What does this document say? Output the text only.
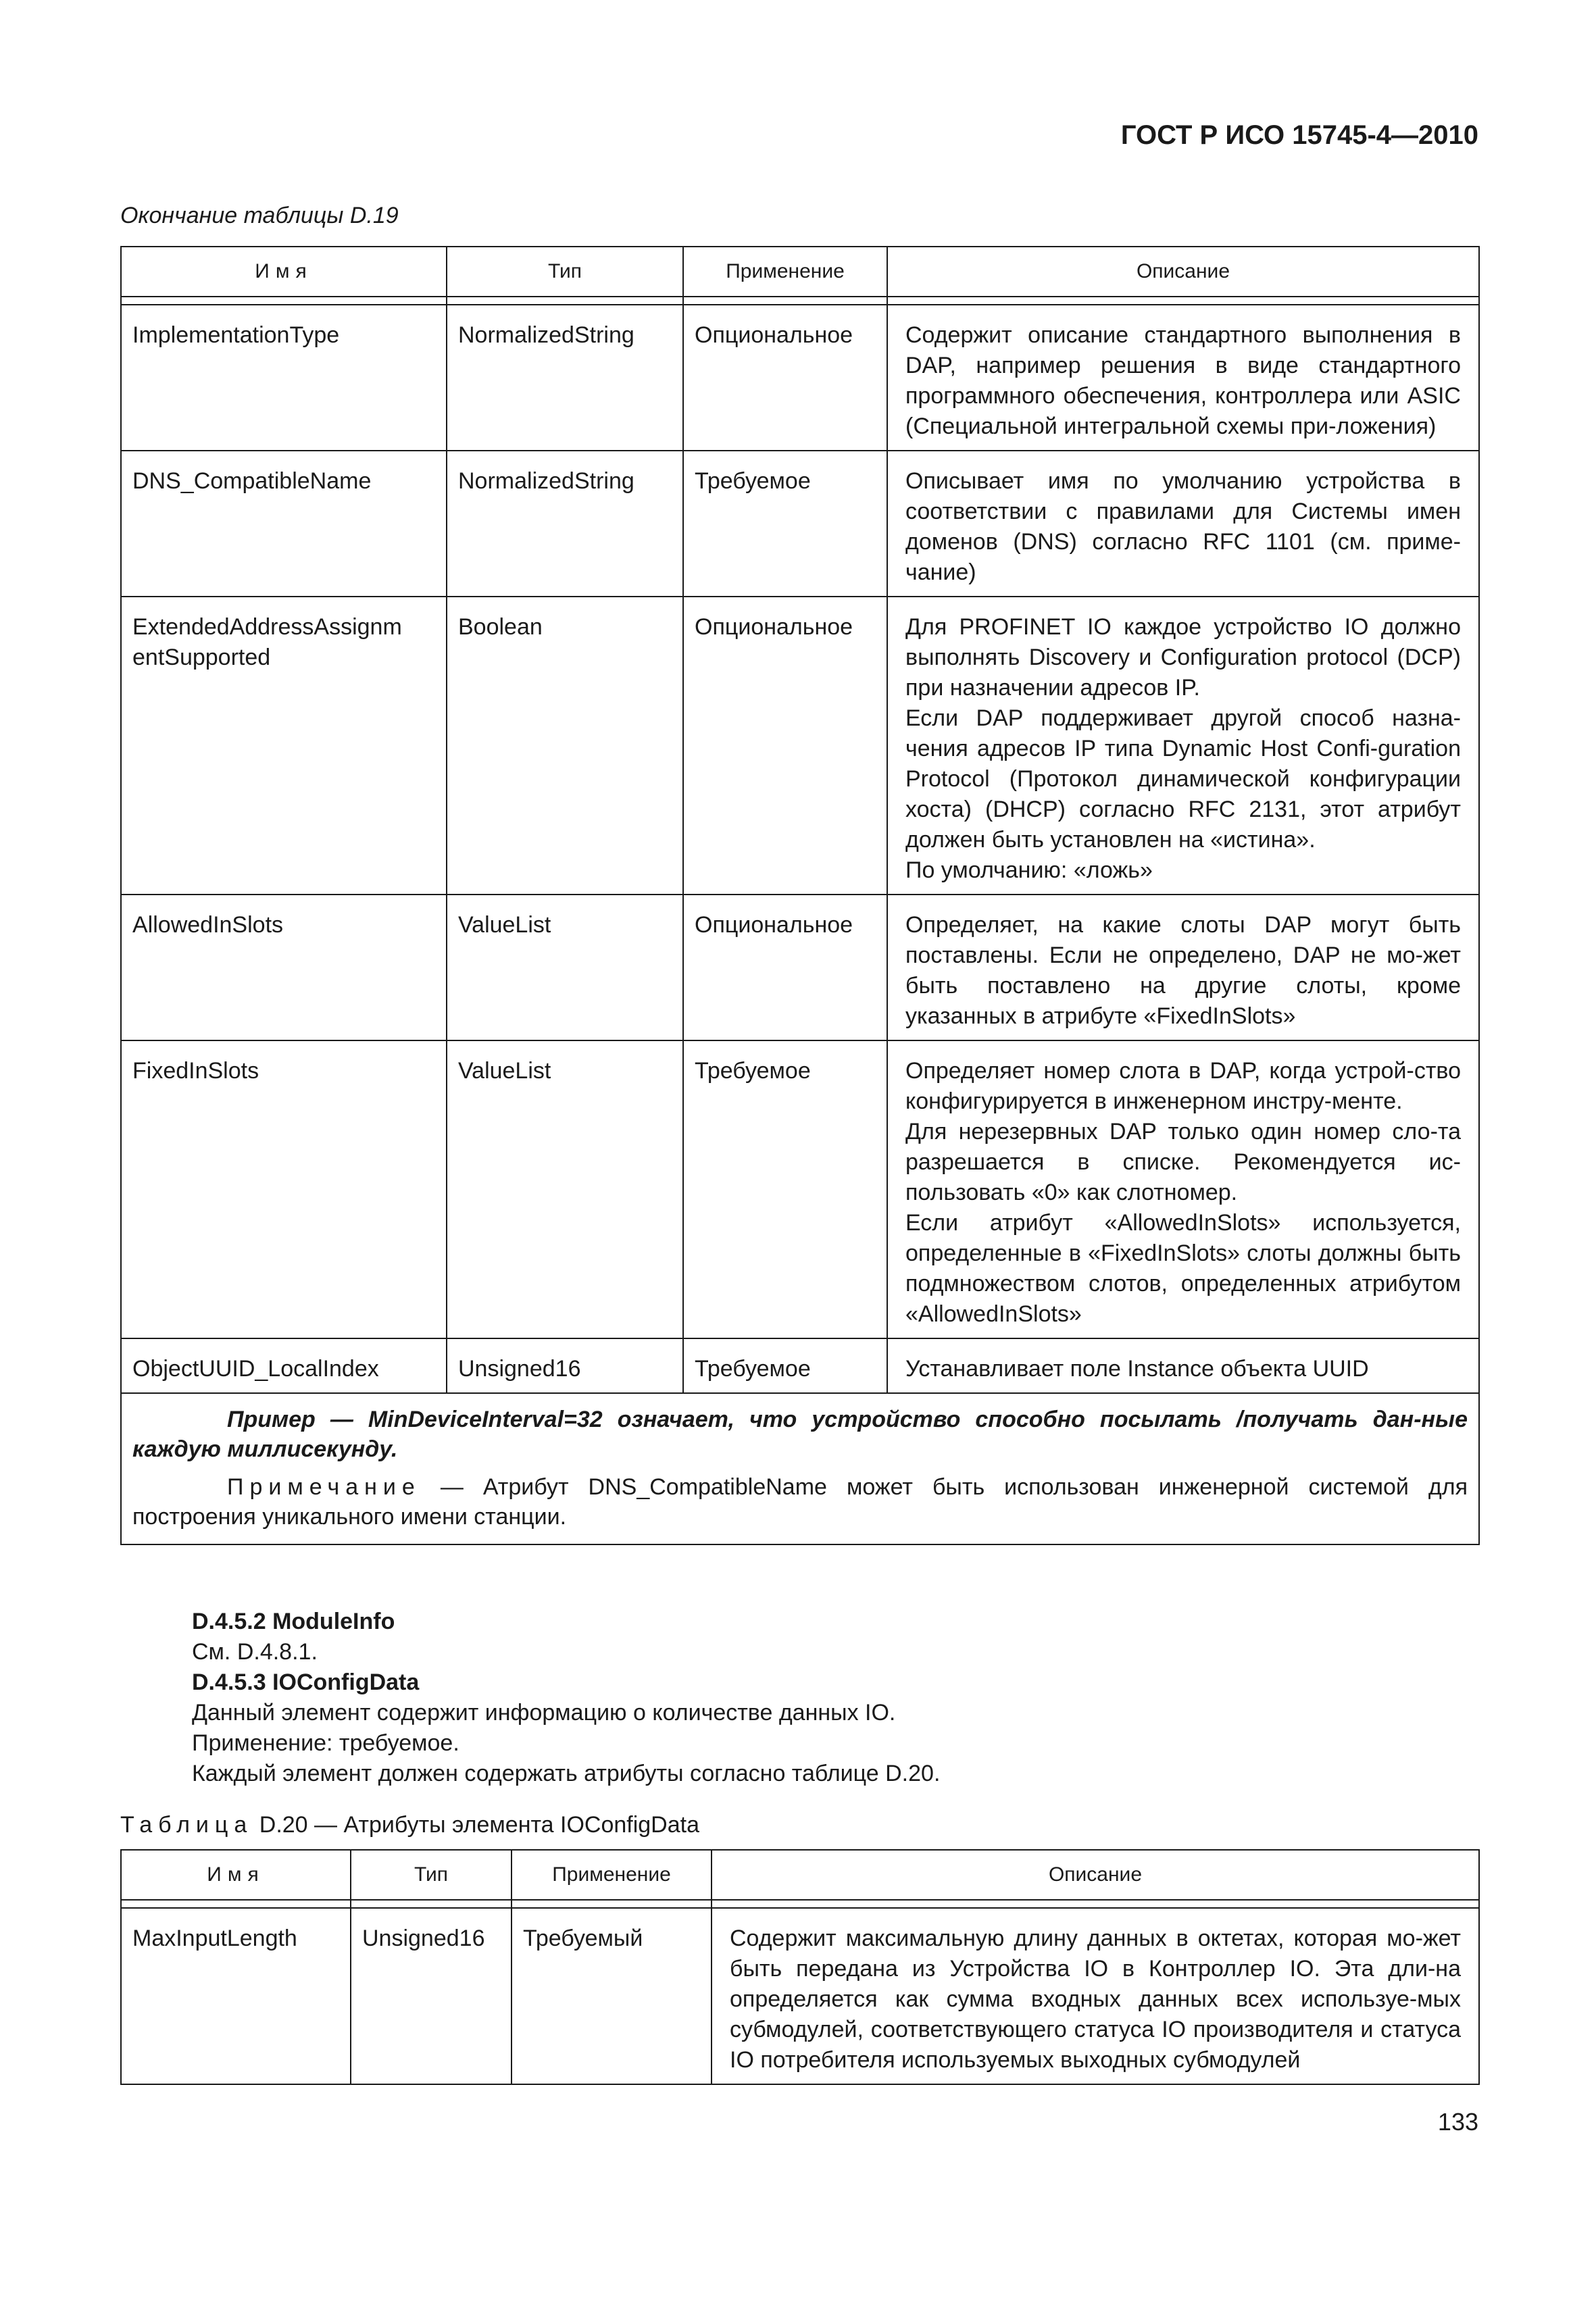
ГОСТ Р ИСО 15745-4—2010
Окончание таблицы D.19
Имя	Тип	Применение	Описание

ImplementationType	NormalizedString	Опциональное	Содержит описание стандартного выполнения в DAP, например решения в виде стандартного программного обеспечения, контроллера или ASIC (Специальной интегральной схемы при-ложения)

DNS_CompatibleName	NormalizedString	Требуемое	Описывает имя по умолчанию устройства в соответствии с правилами для Системы имен доменов (DNS) согласно RFC 1101 (см. приме-чание)

ExtendedAddressAssignm entSupported	Boolean	Опциональное	Для PROFINET IO каждое устройство IO должно выполнять Discovery и Configuration protocol (DCP) при назначении адресов IP.
Если DAP поддерживает другой способ назна-чения адресов IP типа Dynamic Host Confi-guration Protocol (Протокол динамической конфигурации хоста) (DHCP) согласно RFC 2131, этот атрибут должен быть установлен на «истина».
По умолчанию: «ложь»

AllowedInSlots	ValueList	Опциональное	Определяет, на какие слоты DAP могут быть поставлены. Если не определено, DAP не мо-жет быть поставлено на другие слоты, кроме указанных в атрибуте «FixedInSlots»

FixedInSlots	ValueList	Требуемое	Определяет номер слота в DAP, когда устрой-ство конфигурируется в инженерном инстру-менте.
Для нерезервных DAP только один номер сло-та разрешается в списке. Рекомендуется ис-пользовать «0» как слотномер.
Если атрибут «AllowedInSlots» используется, определенные в «FixedInSlots» слоты должны быть подмножеством слотов, определенных атрибутом «AllowedInSlots»

ObjectUUID_LocalIndex	Unsigned16	Требуемое	Устанавливает поле Instance объекта UUID

Пример — MinDeviceInterval=32 означает, что устройство способно посылать /получать дан-ные каждую миллисекунду.

Примечание — Атрибут DNS_CompatibleName может быть использован инженерной системой для построения уникального имени станции.			

D.4.5.2 ModuleInfo
См. D.4.8.1.
D.4.5.3 IOConfigData
Данный элемент содержит информацию о количестве данных IO.
Применение: требуемое.
Каждый элемент должен содержать атрибуты согласно таблице D.20.
Таблица D.20 — Атрибуты элемента IOConfigData
Имя	Тип	Применение	Описание

MaxInputLength	Unsigned16	Требуемый	Содержит максимальную длину данных в октетах, которая мо-жет быть передана из Устройства IO в Контроллер IO. Эта дли-на определяется как сумма входных данных всех используе-мых субмодулей, соответствующего статуса IO производителя и статуса IO потребителя используемых выходных субмодулей
133
